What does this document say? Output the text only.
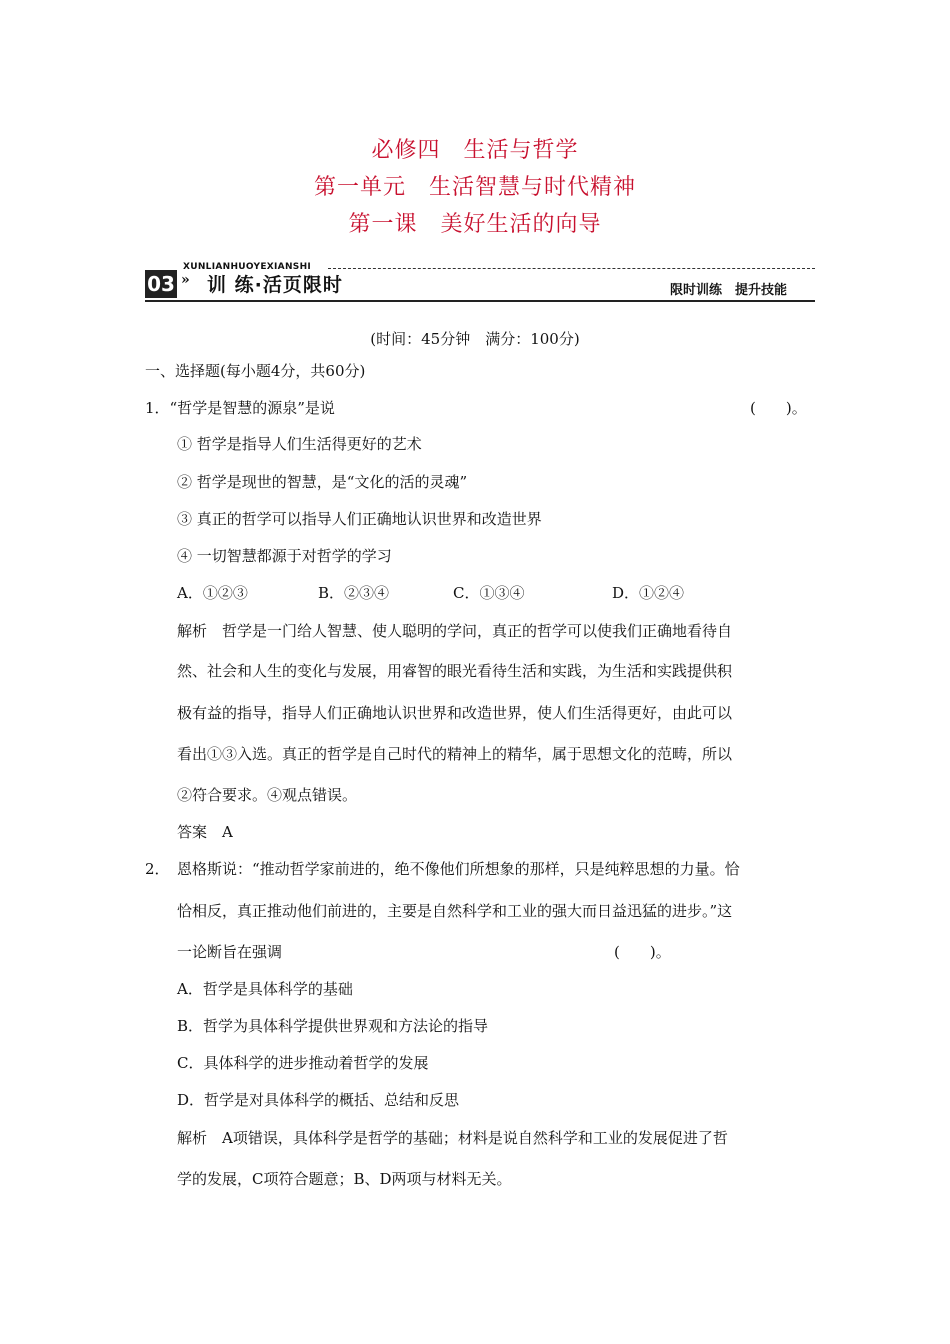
必修四　生活与哲学
第一单元　生活智慧与时代精神
第一课　美好生活的向导
XUNLIANHUOYEXIANSHI
03 » 训 练·活页限时	限时训练　提升技能
(时间：45分钟　满分：100分)
一、选择题(每小题4分，共60分)
1．“哲学是智慧的源泉”是说	(　　)。
① 哲学是指导人们生活得更好的艺术
② 哲学是现世的智慧，是“文化的活的灵魂”
③ 真正的哲学可以指导人们正确地认识世界和改造世界
④ 一切智慧都源于对哲学的学习
A．①②③	B．②③④	C．①③④	D．①②④
解析　哲学是一门给人智慧、使人聪明的学问，真正的哲学可以使我们正确地看待自
然、社会和人生的变化与发展，用睿智的眼光看待生活和实践，为生活和实践提供积
极有益的指导，指导人们正确地认识世界和改造世界，使人们生活得更好，由此可以
看出①③入选。真正的哲学是自己时代的精神上的精华，属于思想文化的范畴，所以
②符合要求。④观点错误。
答案　A
2． 恩格斯说：“推动哲学家前进的，绝不像他们所想象的那样，只是纯粹思想的力量。恰
恰相反，真正推动他们前进的，主要是自然科学和工业的强大而日益迅猛的进步。”这
一论断旨在强调	(　　)。
A．哲学是具体科学的基础
B．哲学为具体科学提供世界观和方法论的指导
C．具体科学的进步推动着哲学的发展
D．哲学是对具体科学的概括、总结和反思
解析　A项错误，具体科学是哲学的基础；材料是说自然科学和工业的发展促进了哲
学的发展，C项符合题意；B、D两项与材料无关。
